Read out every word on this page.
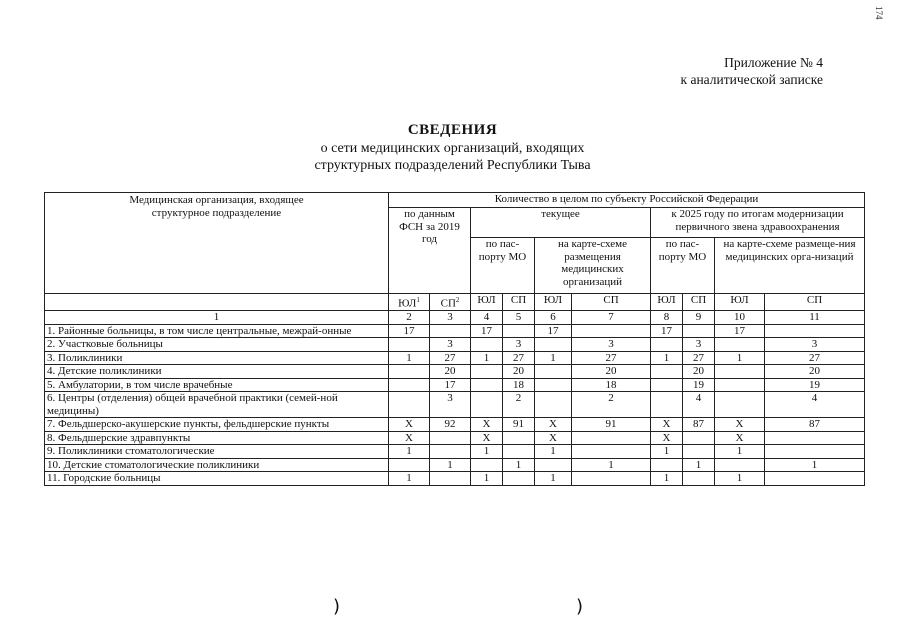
Приложение № 4
к аналитической записке
174
СВЕДЕНИЯ
о сети медицинских организаций, входящих
структурных подразделений Республики Тыва
Медицинская организация, входящее структурное подразделение	Количество в целом по субъекту Российской Федерации									
	по данным ФСН за 2019 год		текущее				к 2025 году по итогам модернизации первичного звена здравоохранения			
			по пас-порту МО		на карте-схеме размещения медицинских организаций		по пас-порту МО		на карте-схеме размеще-ния медицинских орга-низаций	
	$ЮЛ^1$	$СП^2$	ЮЛ	СП	ЮЛ	СП	ЮЛ	СП	ЮЛ	СП
1	2	3	4	5	6	7	8	9	10	11
1. Районные больницы, в том числе центральные, межрай-онные	17		17		17		17		17	
2. Участковые больницы		3		3		3		3		3
3. Поликлиники	1	27	1	27	1	27	1	27	1	27
4. Детские поликлиники		20		20		20		20		20
5. Амбулатории, в том числе врачебные		17		18		18		19		19
6. Центры (отделения) общей врачебной практики (семей-ной медицины)		3		2		2		4		4
7. Фельдшерско-акушерские пункты, фельдшерские пункты	Х	92	Х	91	Х	91	Х	87	Х	87
8. Фельдшерские здравпункты	Х		Х		Х		Х		Х	
9. Поликлиники стоматологические	1		1		1		1		1	
10. Детские стоматологические поликлиники		1		1		1		1		1
11. Городские больницы	1		1		1		1		1	
)	)
